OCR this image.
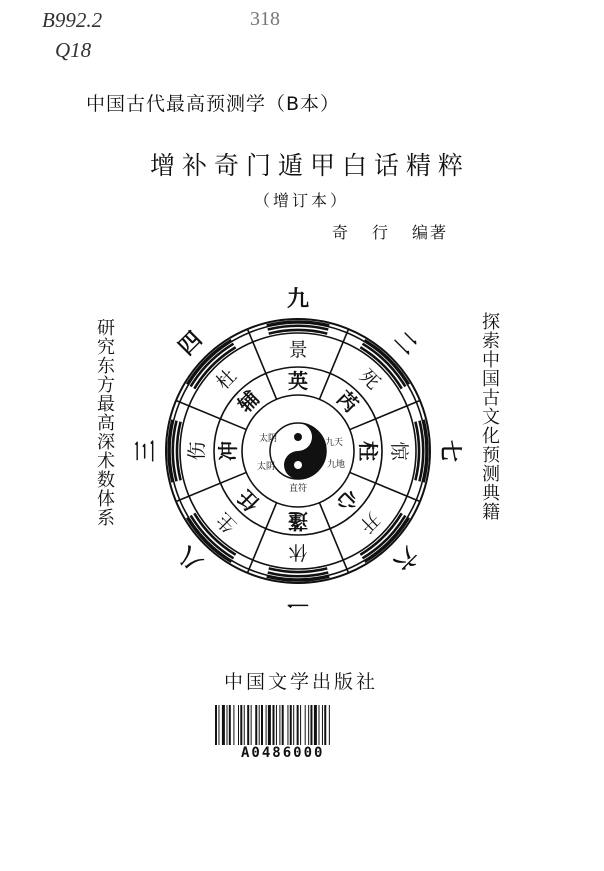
B992.2
Q18
318
中国古代最高预测学（B本）
增补奇门遁甲白话精粹
（增订本）
奇 行 编著
研究东方最高深术数体系	探索中国古文化预测典籍
九
二
七
六
一
八
三
四	景
死
惊
开
休
生
伤
杜 英
芮
柱
心
蓬
任
冲
辅
太阴	九天
九地
直符
太阴
中国文学出版社
A0486000
